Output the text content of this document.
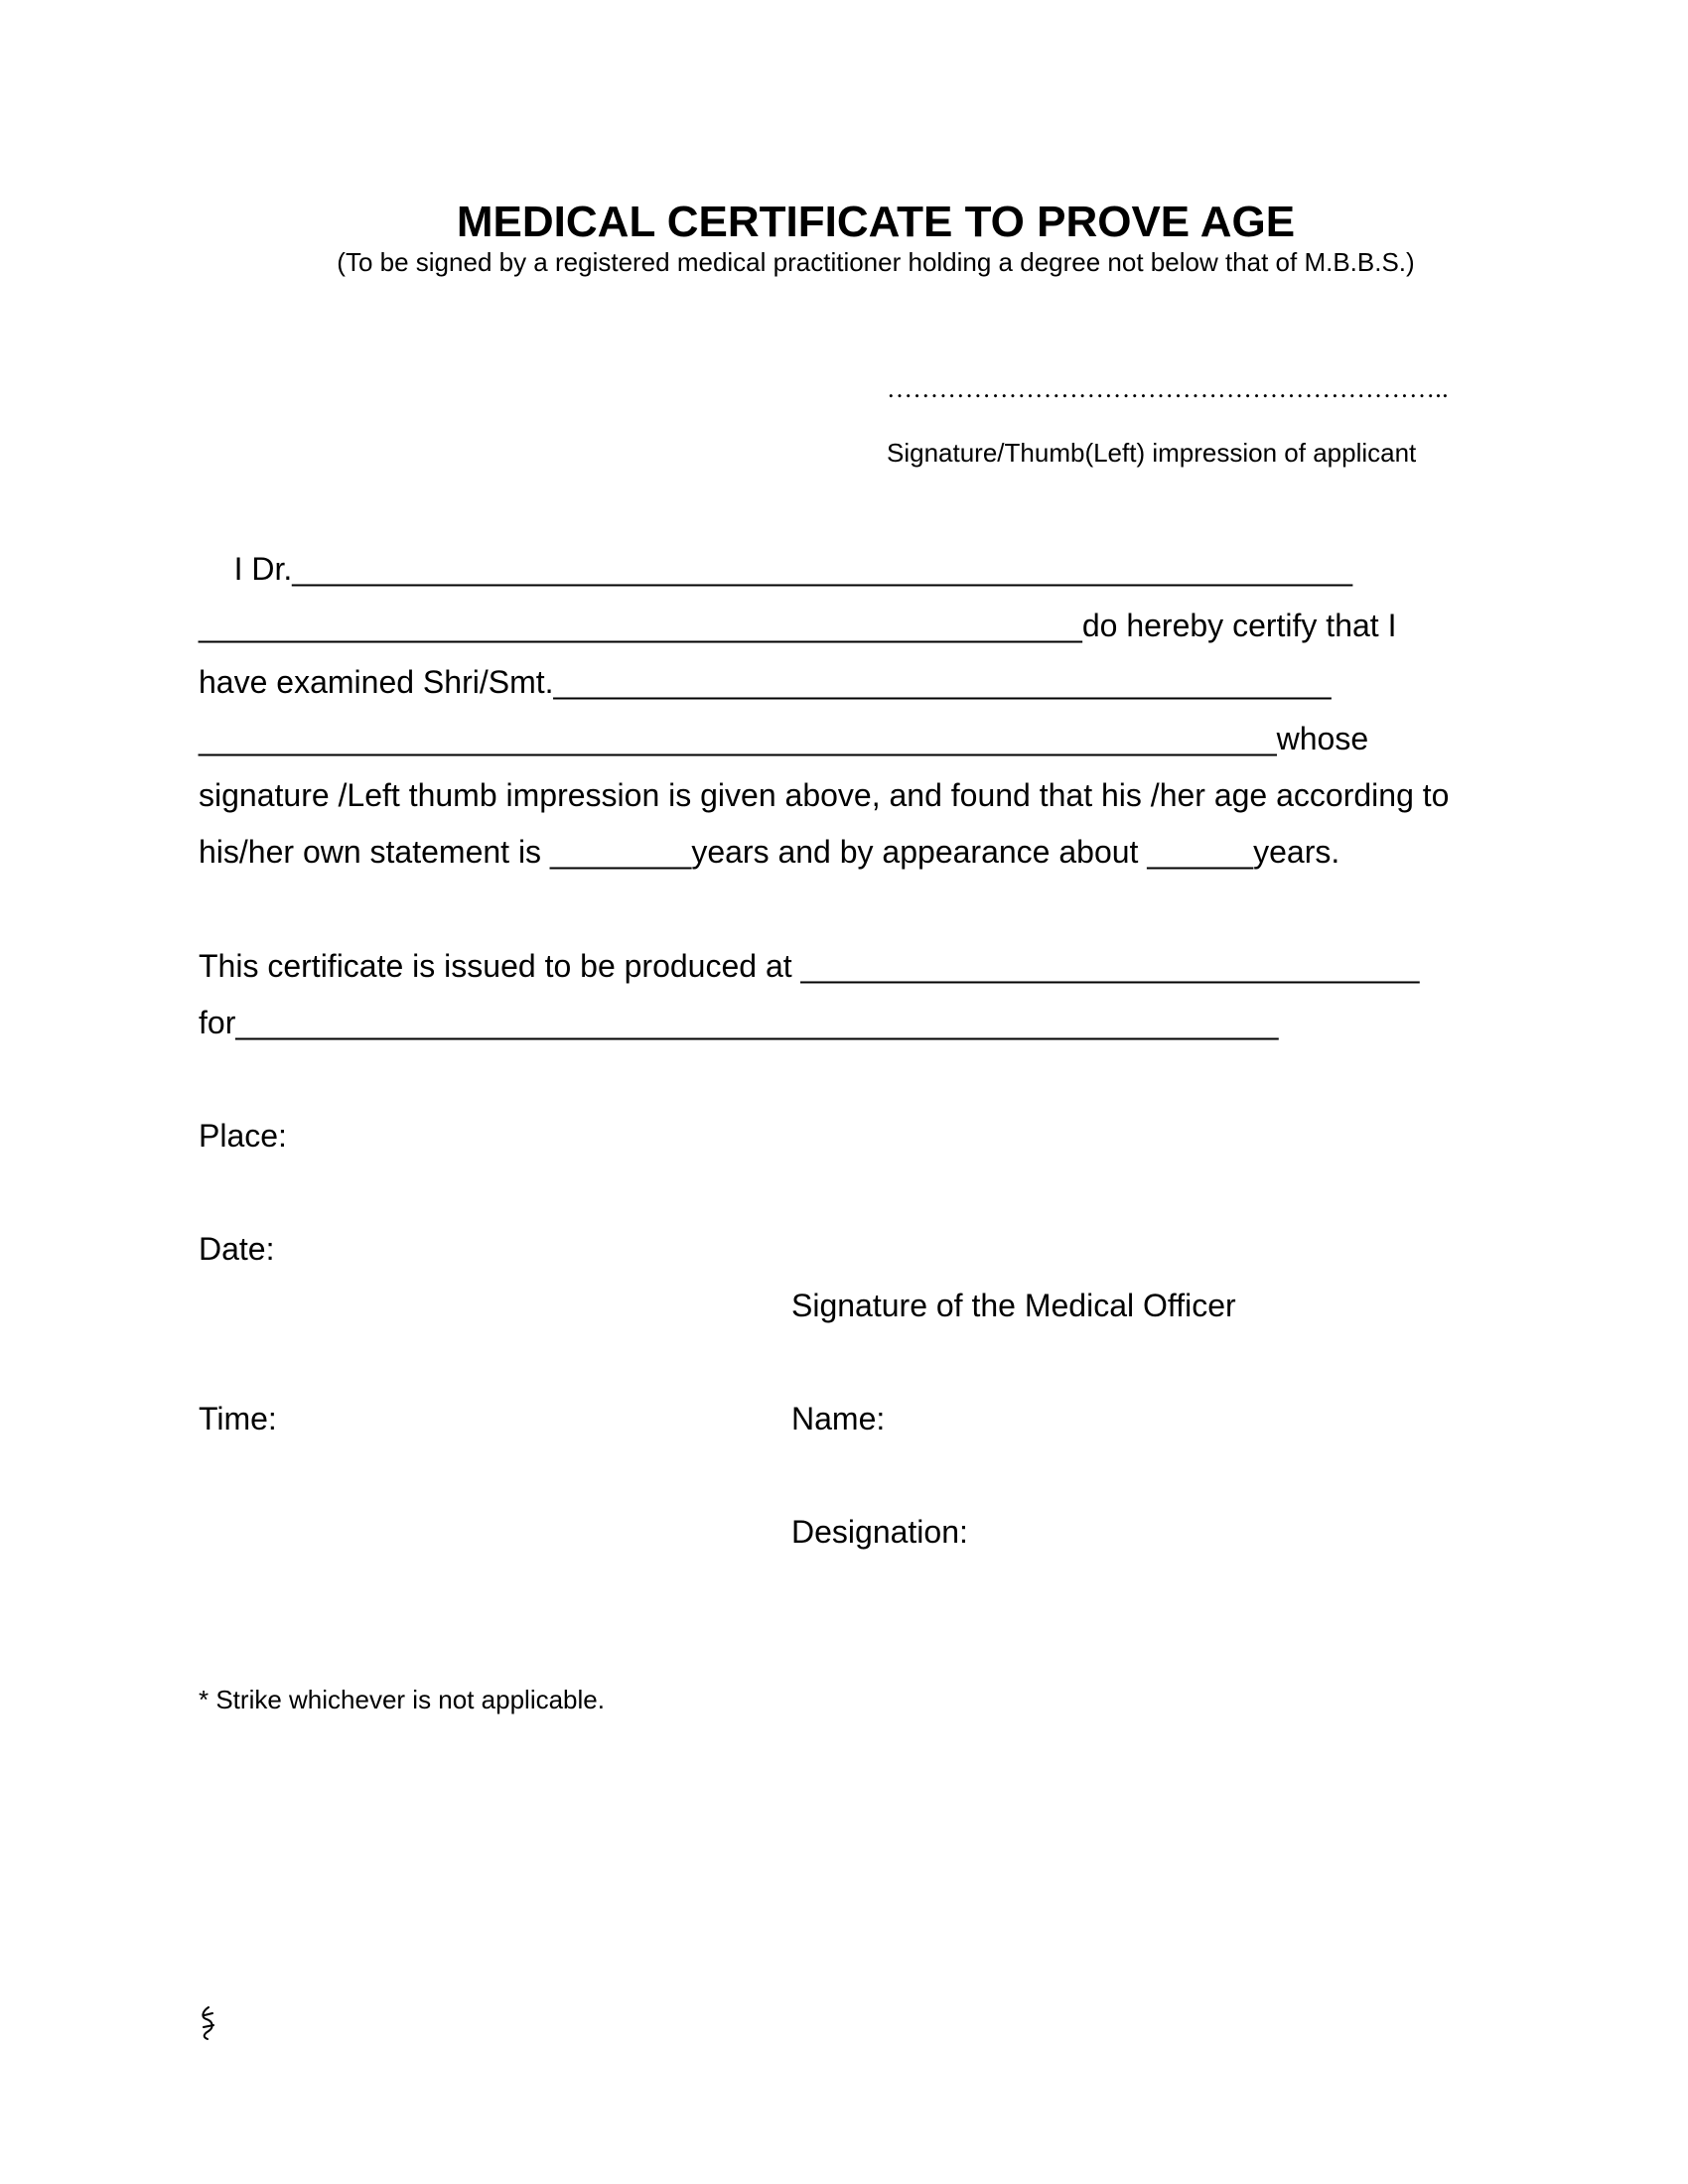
MEDICAL CERTIFICATE TO PROVE AGE
(To be signed by a registered medical practitioner holding a degree not below that of M.B.B.S.)
………………………………………………………..
Signature/Thumb(Left) impression of applicant
I Dr.____________________________________________________________
__________________________________________________do hereby certify that I
have examined Shri/Smt.____________________________________________
_____________________________________________________________whose
signature /Left thumb impression is given above, and found that his /her age according to
his/her own statement is ________years and by appearance about ______years.
This certificate is issued to be produced at ___________________________________
for___________________________________________________________
Place:
Date:
Signature of the Medical Officer
Time:	Name:
Designation:
* Strike whichever is not applicable.
